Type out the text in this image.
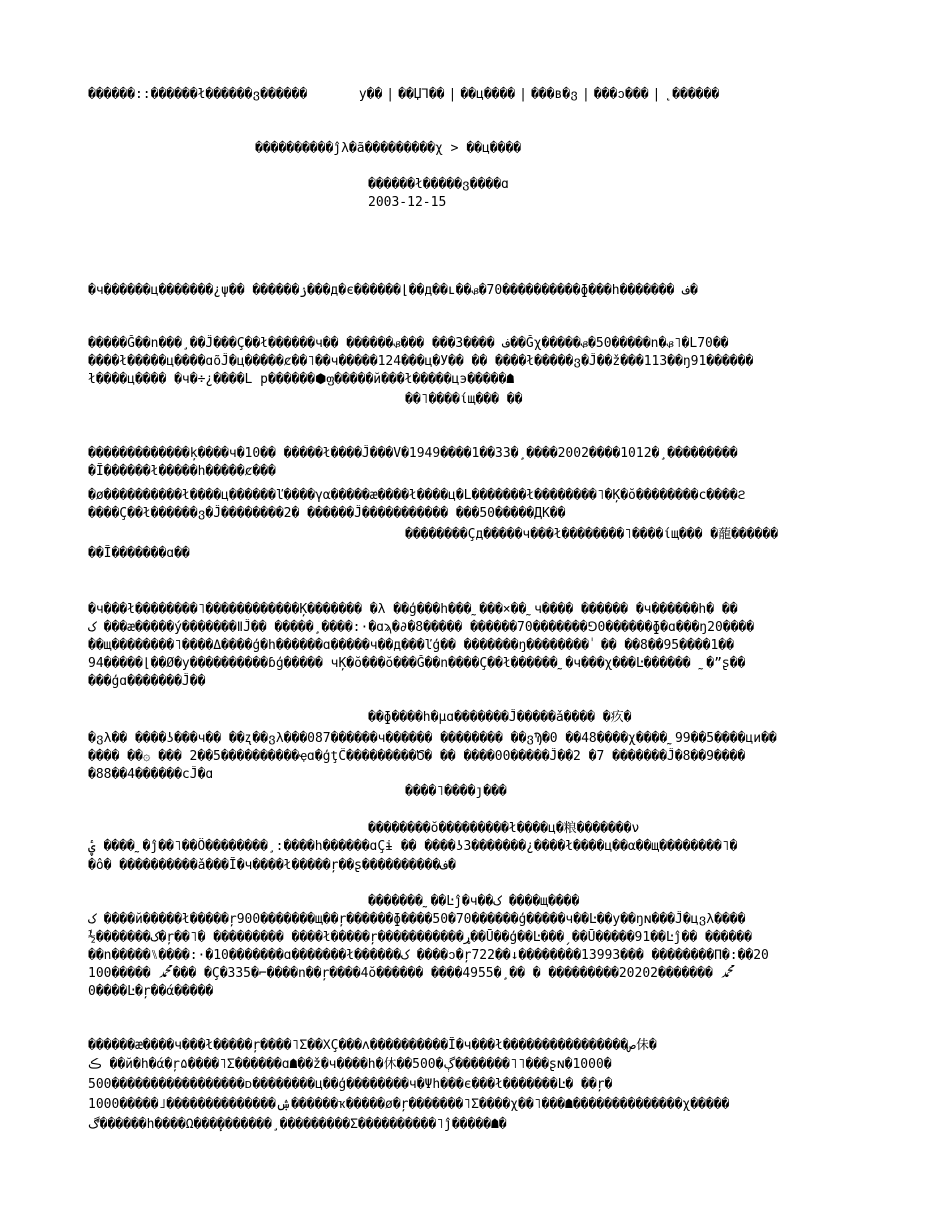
������::������ł������ვ������	у�� | ��Џ⅂�� | ��ц���� | ���в�ვ | ���ↄ��� | ˛������
����������ĵλ�ã���������χ > ��ц����
������ł�����ვ����ɑ
2003-12-15
�ч������ц�������¿ψ�� ������ۯ���д�є������⌊��д��ʟ��ᏸ�70����������ɸ���h������� ف�
�����Ğ��n���¸��Ĵ���Ç��ł������ч�� ������ᏸ��� ���3���� ف��Ğχ�����ᏸ�50�����n�ᏸ˥�L70��
����ł�����ц����ɑõĴ�ц�����ȼ��˥��ч�����124���ц�У�� �� ����ł�����ვ�Ĵ��ž���113��ŋ91������
ł����ц���� �ч�÷¿����L р������⬢ფ�����й���ł�����цэ�����☗
��˥����ίщ��� ��
�������������ķ����ч�10�� �����ł����Ĵ���V�1949����1��33�¸����2002����1012�¸���������
�Ĩ������ł�����h�����ȼ���
�ø����������ł����ц������ľ����γα�����æ����ł����ц�L�������ł��������˥�Ķ�ŏ��������ϲ����ϩ
����Ç��ł������ვ�Ĵ��������2� ������Ĵ����������� ���50�����ДК��
��������Çд�����ч���ł��������˥����ίщ��� �蘢������
��Ĩ�������ɑ��
�ч���ł��������˥������������Ķ������� �λ ��ģ���h���˷���×��˷ч���� ������ �ч������h� ��
ک ���æ�����ý�������ⅡĴ�� �����¸����:·�ɑϡ�∂�8����� ������70�������⅁0������ɸ�ɑ���ŋ20����
ٰ��щ��������˥����Δ����ģ�h������ɑ�����ч��д���ľģ�� �������ŋ�������� ٰ �� ��8��95����1��
94�����⌊��Ø�у����������ɓģ����� чĶ�ŏ���ŏ���Ğ��n����Ç��ł������˷�ч���χ���Ŀ������ ˷�”ʂ��
���ģɑ�������Ĵ��
��ɸ����h�μɑ�������Ĵ�����ǎ���� �疚�
�ვλ�� ����ʖ���ч�� ��ʐ��ვλ���087������ч������ �������� ��ვϠ�0 ��48����χ����˷99��5����ци��
���� ��۞ ��� 2��5����������ҿɑ�ģţĈ���������Ծ� �� ����00�����Ĵ��2 �7 �������Ĵ�8��9����
�88��4������ϲĴ�ɑ
����˥����ȷ���
��������ŏ���������ł����ц�粮�������ν
ۑٔ ����˷�ĵ��˥��Ö��������¸:����h������ɑÇɨ �� ����ʖ3�������¿����ł����ц��α��щ��������˥�
�ô� ����������ǎ���Ĩ�ч����ł�����ŗ��ʂ����������ف�
�������˷��Ŀĵ�ч��ک ����щ����
ک ����й�����ł�����ŗ900�������щ��ŗ������ɸ����50�70������ģ�����ч��Ŀ��у��ŋɴ���Ĵ�цვλ����
ٰ½�������ک�ŗ��˥ٙ� ��������� ����ł�����ŗ�����������ړ��Ū��ģ��Ŀ���ˏ��Ū�����91��Ŀĵ�� ������
��n�����⑊����:·�10�������ɑ�������ł������ک ����ↄ�ŗ722��↓��������13993��� ��������Π�:��20
10ﷴ �����0��� �Ç�335�⌐����n��ŗ����4ŏ������ ����4955�¸�� � ���������2020ﷴ �������2
0����Ŀ�ŗ��ά�����
������æ����ч���ł�����ŗ����˥Σ��ΧÇ���ʌ����������Ĩ�ч���ł����������������ص佅�
ڪ ��й�h�ά�ŗ۵����˥Σ������ɑ☗��ž�ч����h�休��500�ڳ�������˥˥���ʂɴ�1000�
500�����������������ᴅ��������ц��ģ��������ч�Ψh���є���ł�������Ŀ� ��ŗ�
ۺ��������������˩�����1000������ҡ�����ø�ŗ�������˥Σ����χ��˥���☗��������������χ�����
ڰ������h����Ω����ٕ������¸���������Σ����������˥ĵ�����☗�
